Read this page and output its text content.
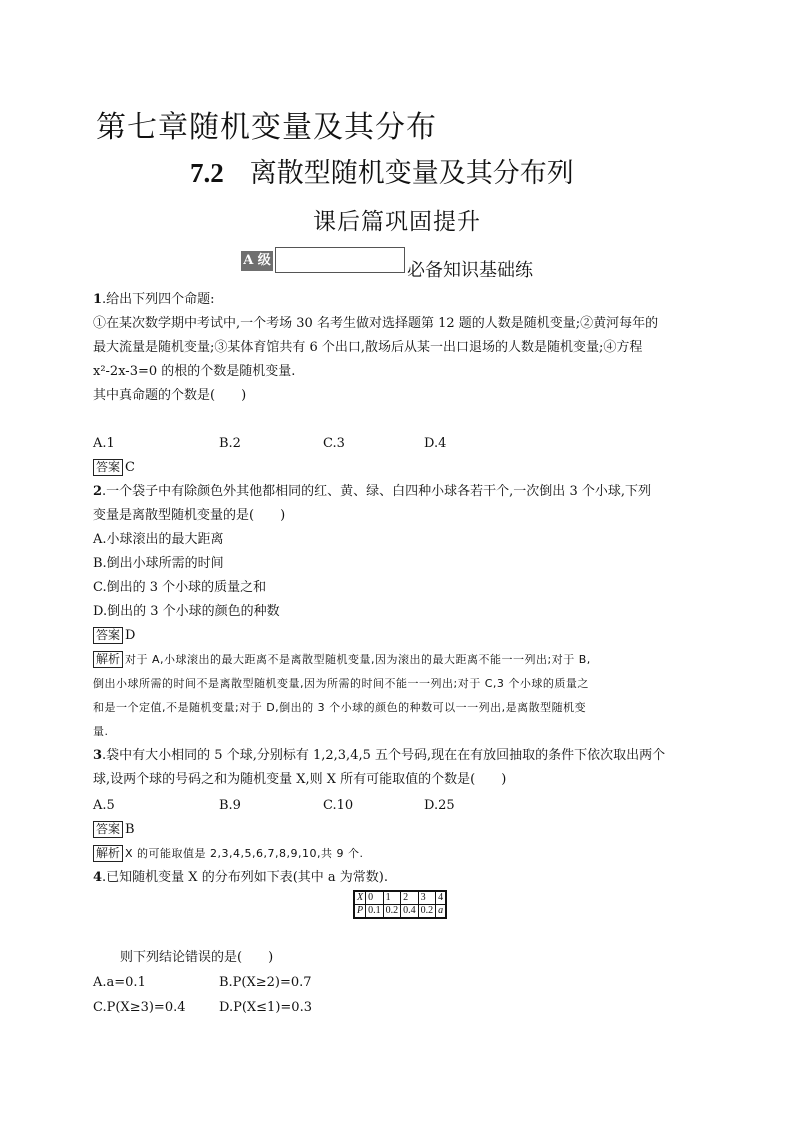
第七章随机变量及其分布
7.2 离散型随机变量及其分布列
课后篇巩固提升
A 级	必备知识基础练
1.给出下列四个命题:
①在某次数学期中考试中,一个考场 30 名考生做对选择题第 12 题的人数是随机变量;②黄河每年的
最大流量是随机变量;③某体育馆共有 6 个出口,散场后从某一出口退场的人数是随机变量;④方程
x²-2x-3=0 的根的个数是随机变量.
其中真命题的个数是(　　)
A.1	B.2	C.3	D.4
答案 C
2.一个袋子中有除颜色外其他都相同的红、黄、绿、白四种小球各若干个,一次倒出 3 个小球,下列
变量是离散型随机变量的是(　　)
A.小球滚出的最大距离
B.倒出小球所需的时间
C.倒出的 3 个小球的质量之和
D.倒出的 3 个小球的颜色的种数
答案 D
解析 对于 A,小球滚出的最大距离不是离散型随机变量,因为滚出的最大距离不能一一列出;对于 B,
倒出小球所需的时间不是离散型随机变量,因为所需的时间不能一一列出;对于 C,3 个小球的质量之
和是一个定值,不是随机变量;对于 D,倒出的 3 个小球的颜色的种数可以一一列出,是离散型随机变
量.
3.袋中有大小相同的 5 个球,分别标有 1,2,3,4,5 五个号码,现在在有放回抽取的条件下依次取出两个
球,设两个球的号码之和为随机变量 X,则 X 所有可能取值的个数是(　　)
A.5	B.9	C.10	D.25
答案 B
解析 X 的可能取值是 2,3,4,5,6,7,8,9,10,共 9 个.
4.已知随机变量 X 的分布列如下表(其中 a 为常数).
X	0	1	2	3	4
P	0.1	0.2	0.4	0.2	a
则下列结论错误的是(　　)
A.a=0.1	B.P(X≥2)=0.7
C.P(X≥3)=0.4	D.P(X≤1)=0.3
